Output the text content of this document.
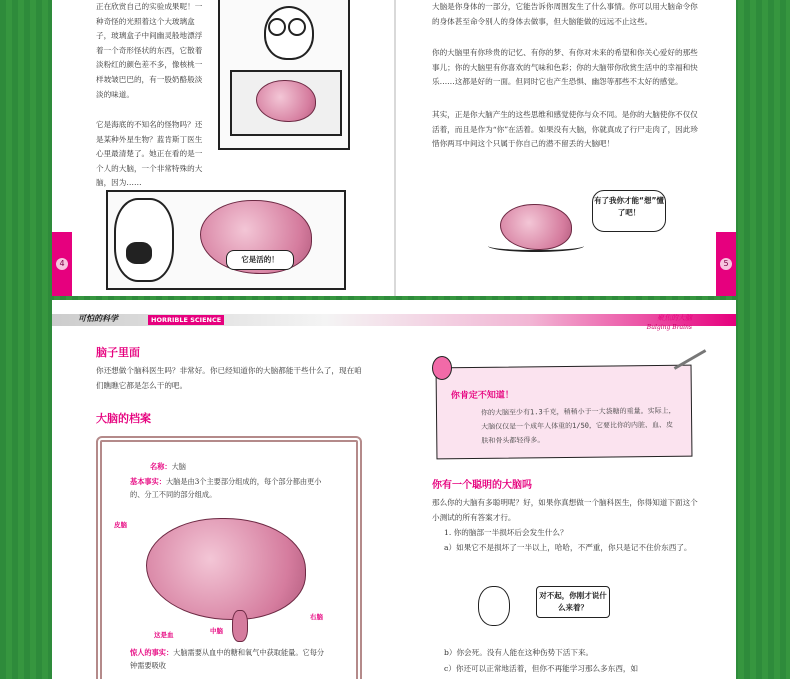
正在欣赏自己的实验成果呢！一种奇怪的光照着这个大玻璃盒子，玻璃盒子中间幽灵般地漂浮着一个奇形怪状的东西，它散着淡粉红的颜色差不多，像核桃一样坡皱巴巴的，有一股奶酪般淡淡的味道。

它是海底的不知名的怪物吗？还是某种外星生物？蓝肯斯丁医生心里最清楚了。她正在看的是一个人的大脑，一个非常特殊的大脑，因为……

它是活的！

大脑是你身体的一部分，它能告诉你周围发生了什么事情。你可以用大脑命令你的身体甚至命令别人的身体去做事，但大脑能做的远远不止这些。

你的大脑里有你珍贵的记忆、有你的梦、有你对未来的希望和你关心爱好的那些事儿；你的大脑里有你喜欢的气味和色彩；你的大脑带你欣赏生活中的幸福和快乐……这都是好的一面。但同时它也产生恐惧、幽怨等那些不太好的感觉。

其实，正是你大脑产生的这些思维和感觉使你与众不同。是你的大脑使你不仅仅活着，而且是作为“你”在活着。如果没有大脑，你就真成了行尸走肉了，因此珍惜你两耳中间这个只属于你自己的潜不留丢的大脑吧！

有了我你才能“想”懂了吧！
4	5
可怕的科学	HORRIBLE SCIENCE	聚焦的大脑
Bulging Brains
脑子里面

你还想做个脑科医生吗？非常好。你已经知道你的大脑都能干些什么了，现在咱们瞧瞧它都是怎么干的吧。

大脑的档案
名称：大脑
基本事实：大脑是由3个主要部分组成的，每个部分都由更小的、分工不同的部分组成。
皮脑
这是血	中脑
右脑
惊人的事实：大脑需要从血中的糖和氧气中获取能量。它每分钟需要吸收
你肯定不知道！
你的大脑至少有1.3千克，稍稍小于一大袋糖的重量。实际上，大脑仅仅是一个成年人体重的1/50，它要比你的内脏、血、皮肤和骨头都轻得多。
你有一个聪明的大脑吗

那么你的大脑有多聪明呢？好，如果你真想做一个脑科医生，你得知道下面这个小测试的所有答案才行。

1. 你的脑部一半损坏后会发生什么？

a）如果它不是损坏了一半以上，哈哈，不严重，你只是记不住价东西了。

对不起，你刚才说什么来着？

b）你会死。没有人能在这种伤势下活下来。

c）你还可以正常地活着，但你不再能学习那么多东西，如
